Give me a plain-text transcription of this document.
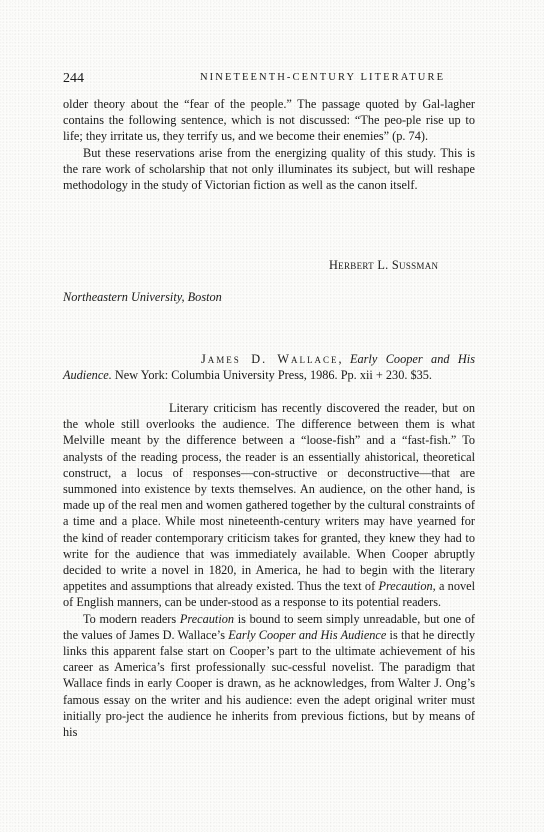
244	NINETEENTH-CENTURY LITERATURE

older theory about the “fear of the people.” The passage quoted by Gal-lagher contains the following sentence, which is not discussed: “The peo-ple rise up to life; they irritate us, they terrify us, and we become their enemies” (p. 74).

But these reservations arise from the energizing quality of this study. This is the rare work of scholarship that not only illuminates its subject, but will reshape methodology in the study of Victorian fiction as well as the canon itself.

Herbert L. Sussman
Northeastern University, Boston

James D. Wallace, Early Cooper and His Audience. New York: Columbia University Press, 1986. Pp. xii + 230. $35.

Literary criticism has recently discovered the reader, but on the whole still overlooks the audience. The difference between them is what Melville meant by the difference between a “loose-fish” and a “fast-fish.” To analysts of the reading process, the reader is an essentially ahistorical, theoretical construct, a locus of responses—con-structive or deconstructive—that are summoned into existence by texts themselves. An audience, on the other hand, is made up of the real men and women gathered together by the cultural constraints of a time and a place. While most nineteenth-century writers may have yearned for the kind of reader contemporary criticism takes for granted, they knew they had to write for the audience that was immediately available. When Cooper abruptly decided to write a novel in 1820, in America, he had to begin with the literary appetites and assumptions that already existed. Thus the text of Precaution, a novel of English manners, can be under-stood as a response to its potential readers.

To modern readers Precaution is bound to seem simply unreadable, but one of the values of James D. Wallace’s Early Cooper and His Audience is that he directly links this apparent false start on Cooper’s part to the ultimate achievement of his career as America’s first professionally suc-cessful novelist. The paradigm that Wallace finds in early Cooper is drawn, as he acknowledges, from Walter J. Ong’s famous essay on the writer and his audience: even the adept original writer must initially pro-ject the audience he inherits from previous fictions, but by means of his
